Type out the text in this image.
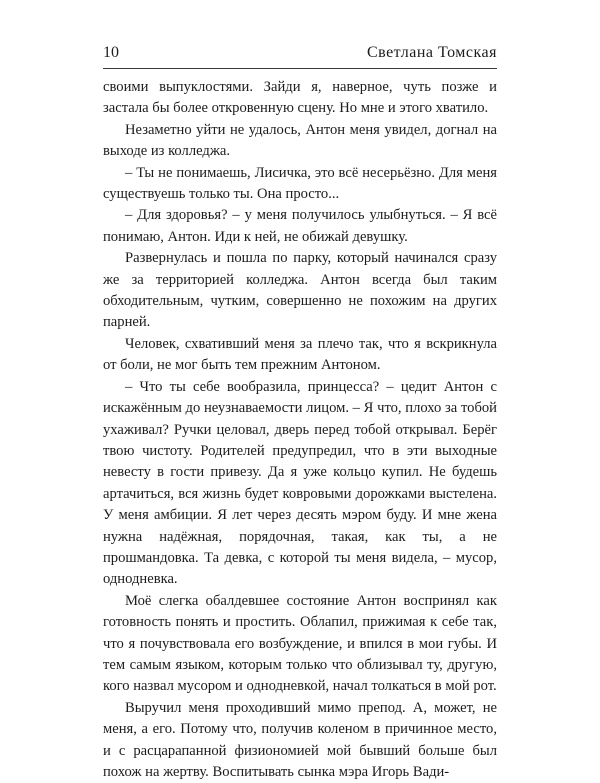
10	Светлана Томская

своими выпуклостями. Зайди я, наверное, чуть позже и застала бы более откровенную сцену. Но мне и этого хватило.

Незаметно уйти не удалось, Антон меня увидел, догнал на выходе из колледжа.

– Ты не понимаешь, Лисичка, это всё несерьёзно. Для меня существуешь только ты. Она просто...

– Для здоровья? – у меня получилось улыбнуться. – Я всё понимаю, Антон. Иди к ней, не обижай девушку.

Развернулась и пошла по парку, который начинался сразу же за территорией колледжа. Антон всегда был таким обходительным, чутким, совершенно не похожим на других парней.

Человек, схвативший меня за плечо так, что я вскрикнула от боли, не мог быть тем прежним Антоном.

– Что ты себе вообразила, принцесса? – цедит Антон с искажённым до неузнаваемости лицом. – Я что, плохо за тобой ухаживал? Ручки целовал, дверь перед тобой открывал. Берёг твою чистоту. Родителей предупредил, что в эти выходные невесту в гости привезу. Да я уже кольцо купил. Не будешь артачиться, вся жизнь будет ковровыми дорожками выстелена. У меня амбиции. Я лет через десять мэром буду. И мне жена нужна надёжная, порядочная, такая, как ты, а не прошмандовка. Та девка, с которой ты меня видела, – мусор, однодневка.

Моё слегка обалдевшее состояние Антон воспринял как готовность понять и простить. Облапил, прижимая к себе так, что я почувствовала его возбуждение, и впился в мои губы. И тем самым языком, которым только что облизывал ту, другую, кого назвал мусором и однодневкой, начал толкаться в мой рот.

Выручил меня проходивший мимо препод. А, может, не меня, а его. Потому что, получив коленом в причинное место, и с расцарапанной физиономией мой бывший больше был похож на жертву. Воспитывать сынка мэра Игорь Вади-
